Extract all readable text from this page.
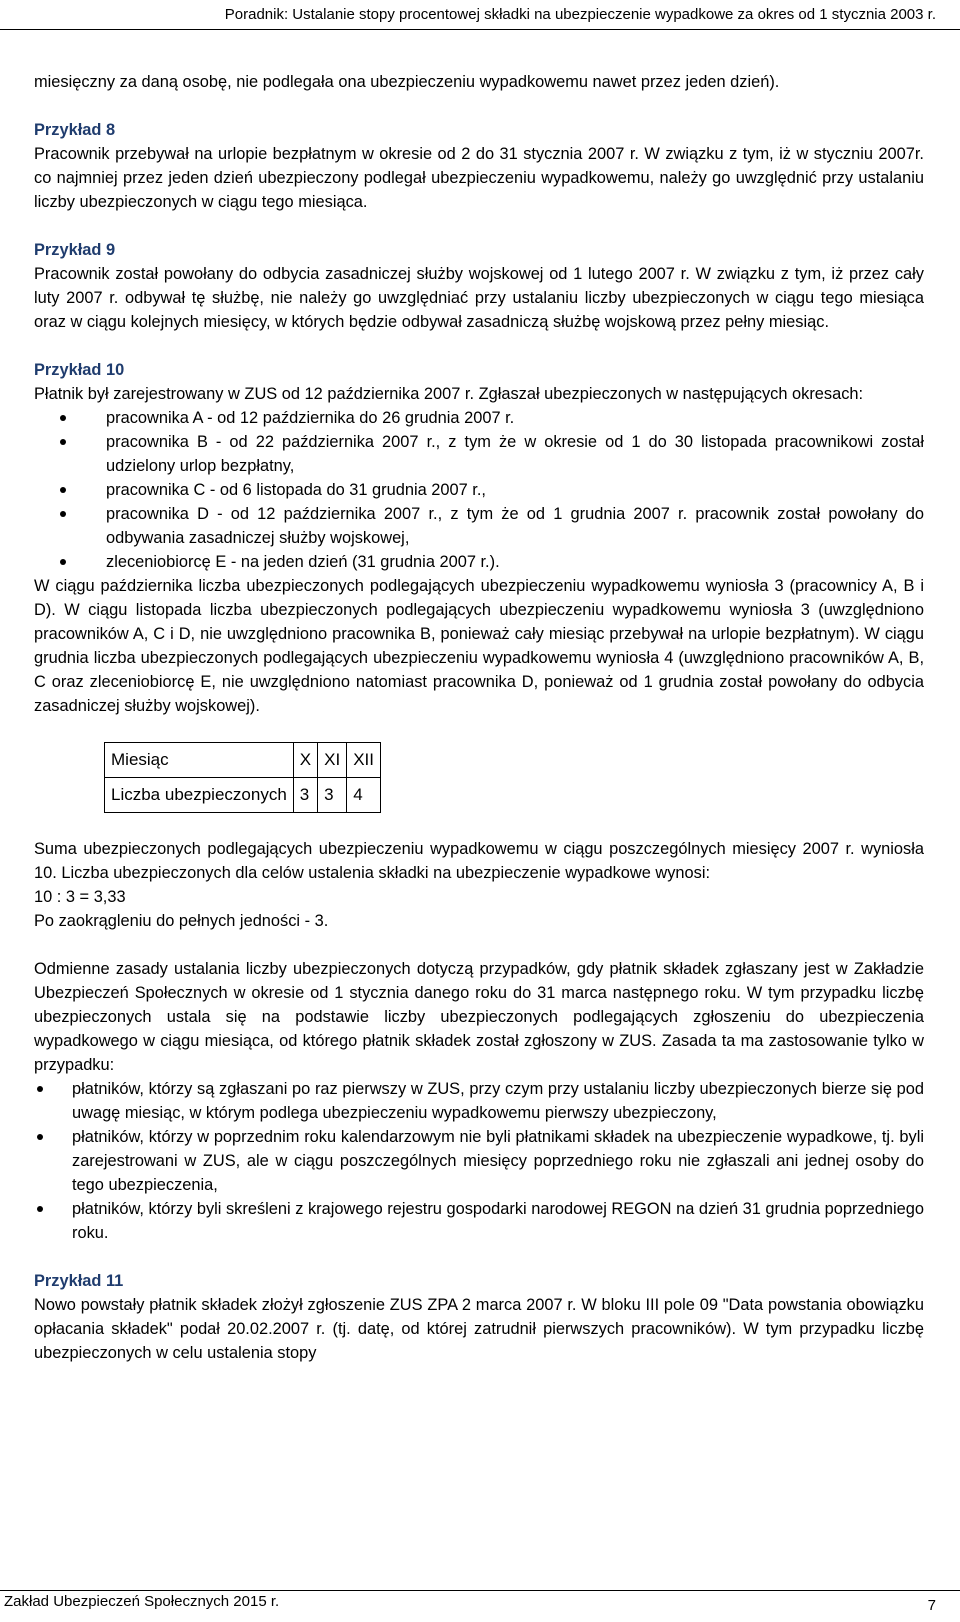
Poradnik: Ustalanie stopy procentowej składki na ubezpieczenie wypadkowe za okres od 1 stycznia 2003 r.

miesięczny za daną osobę, nie podlegała ona ubezpieczeniu wypadkowemu nawet przez jeden dzień).

Przykład 8

Pracownik przebywał na urlopie bezpłatnym w okresie od 2 do 31 stycznia 2007 r. W związku z tym, iż w styczniu 2007r. co najmniej przez jeden dzień ubezpieczony podlegał ubezpieczeniu wypadkowemu, należy go uwzględnić przy ustalaniu liczby ubezpieczonych w ciągu tego miesiąca.

Przykład 9

Pracownik został powołany do odbycia zasadniczej służby wojskowej od 1 lutego 2007 r. W związku z tym, iż przez cały luty 2007 r. odbywał tę służbę, nie należy go uwzględniać przy ustalaniu liczby ubezpieczonych w ciągu tego miesiąca oraz w ciągu kolejnych miesięcy, w których będzie odbywał zasadniczą służbę wojskową przez pełny miesiąc.

Przykład 10

Płatnik był zarejestrowany w ZUS od 12 października 2007 r. Zgłaszał ubezpieczonych w następujących okresach:

pracownika A - od 12 października do 26 grudnia 2007 r.
pracownika B - od 22 października 2007 r., z tym że w okresie od 1 do 30 listopada pracownikowi został udzielony urlop bezpłatny,
pracownika C - od 6 listopada do 31 grudnia 2007 r.,
pracownika D - od 12 października 2007 r., z tym że od 1 grudnia 2007 r. pracownik został powołany do odbywania zasadniczej służby wojskowej,
zleceniobiorcę E - na jeden dzień (31 grudnia 2007 r.).

W ciągu października liczba ubezpieczonych podlegających ubezpieczeniu wypadkowemu wyniosła 3 (pracownicy A, B i D). W ciągu listopada liczba ubezpieczonych podlegających ubezpieczeniu wypadkowemu wyniosła 3 (uwzględniono pracowników A, C i D, nie uwzględniono pracownika B, ponieważ cały miesiąc przebywał na urlopie bezpłatnym). W ciągu grudnia liczba ubezpieczonych podlegających ubezpieczeniu wypadkowemu wyniosła 4 (uwzględniono pracowników A, B, C oraz zleceniobiorcę E, nie uwzględniono natomiast pracownika D, ponieważ od 1 grudnia został powołany do odbycia zasadniczej służby wojskowej).

Miesiąc	X	XI	XII
Liczba ubezpieczonych	3	3	4

Suma ubezpieczonych podlegających ubezpieczeniu wypadkowemu w ciągu poszczególnych miesięcy 2007 r. wyniosła 10. Liczba ubezpieczonych dla celów ustalenia składki na ubezpieczenie wypadkowe wynosi:

10 : 3 = 3,33

Po zaokrągleniu do pełnych jedności - 3.

Odmienne zasady ustalania liczby ubezpieczonych dotyczą przypadków, gdy płatnik składek zgłaszany jest w Zakładzie Ubezpieczeń Społecznych w okresie od 1 stycznia danego roku do 31 marca następnego roku. W tym przypadku liczbę ubezpieczonych ustala się na podstawie liczby ubezpieczonych podlegających zgłoszeniu do ubezpieczenia wypadkowego w ciągu miesiąca, od którego płatnik składek został zgłoszony w ZUS. Zasada ta ma zastosowanie tylko w przypadku:

płatników, którzy są zgłaszani po raz pierwszy w ZUS, przy czym przy ustalaniu liczby ubezpieczonych bierze się pod uwagę miesiąc, w którym podlega ubezpieczeniu wypadkowemu pierwszy ubezpieczony,
płatników, którzy w poprzednim roku kalendarzowym nie byli płatnikami składek na ubezpieczenie wypadkowe, tj. byli zarejestrowani w ZUS, ale w ciągu poszczególnych miesięcy poprzedniego roku nie zgłaszali ani jednej osoby do tego ubezpieczenia,
płatników, którzy byli skreśleni z krajowego rejestru gospodarki narodowej REGON na dzień 31 grudnia poprzedniego roku.

Przykład 11

Nowo powstały płatnik składek złożył zgłoszenie ZUS ZPA 2 marca 2007 r. W bloku III pole 09 "Data powstania obowiązku opłacania składek" podał 20.02.2007 r. (tj. datę, od której zatrudnił pierwszych pracowników). W tym przypadku liczbę ubezpieczonych w celu ustalenia stopy

Zakład Ubezpieczeń Społecznych 2015 r.	7
